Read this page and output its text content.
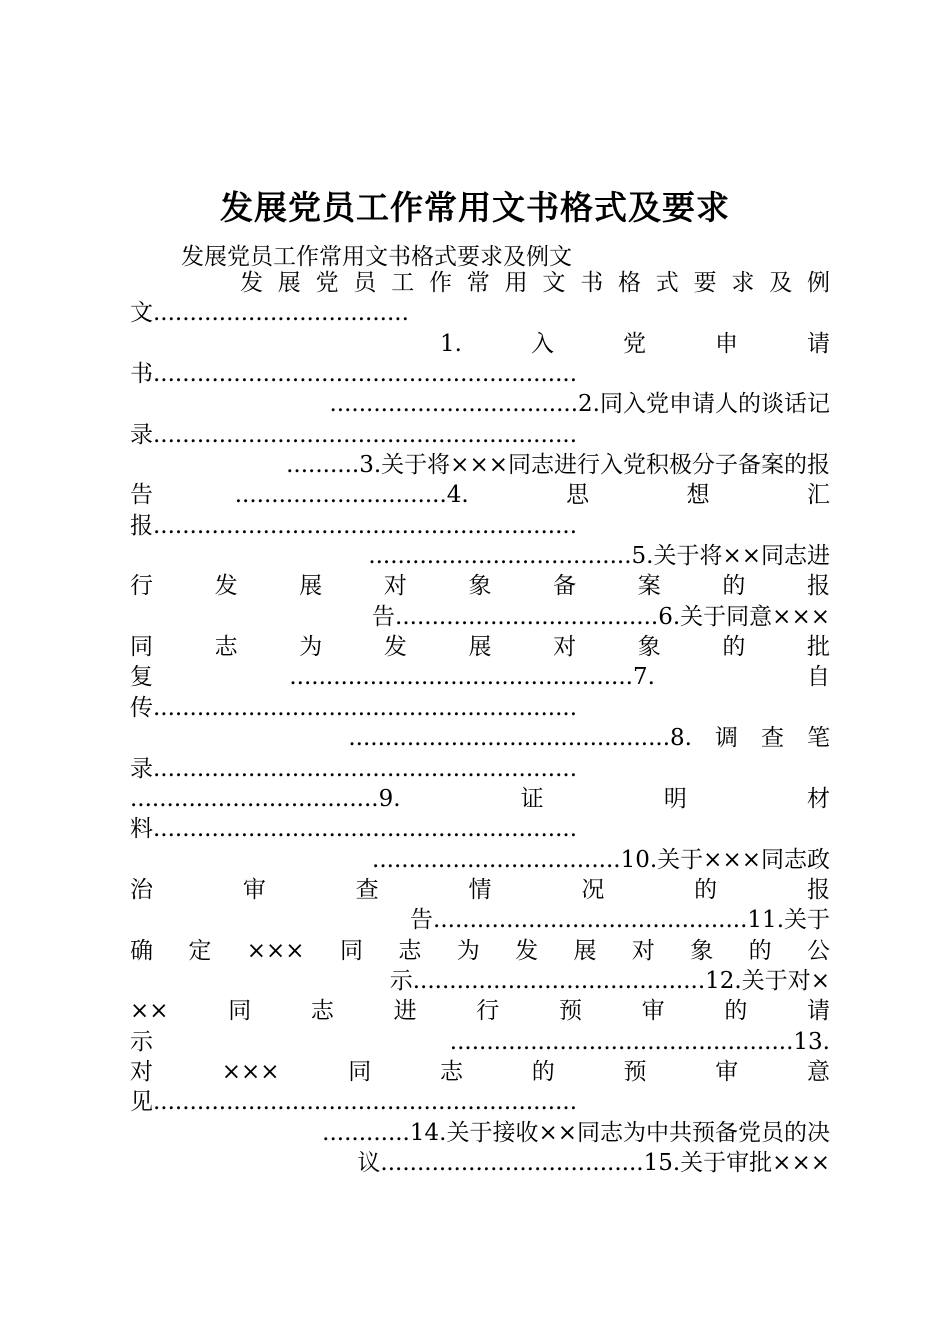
发展党员工作常用文书格式及要求

发展党员工作常用文书格式要求及例文

发展党员工作常用文书格式要求及例
文...................................
1.　　入　　党　　申　　请
书..........................................................
..................................2.同入党申请人的谈话记
录..........................................................
..........3.关于将×××同志进行入党积极分子备案的报
告　 .............................4.　　思　　想　　汇
报..........................................................
....................................5.关于将××同志进
行　　发　　展　　对　　象　　备　　案　　的　　报
告....................................6.关于同意×××
同　　志　　为　　发　　展　　对　　象　　的　　批
复　 ...............................................7.　　自
传..........................................................
............................................8.　调　查　笔
录..........................................................
..................................9.　　证　　明　　材
料..........................................................
..................................10.关于×××同志政
治　　审　　查　　情　　况　　的　　报
告...........................................11.关于
确　定　×××　同　志　为　发　展　对　象　的　公
示........................................12.关于对×
××　　同　　志　　进　　行　　预　　审　　的　　请
示　 ...............................................13.
对　　×××　　同　　志　　的　　预　　审　　意
见..........................................................
............14.关于接收××同志为中共预备党员的决
议....................................15.关于审批×××
